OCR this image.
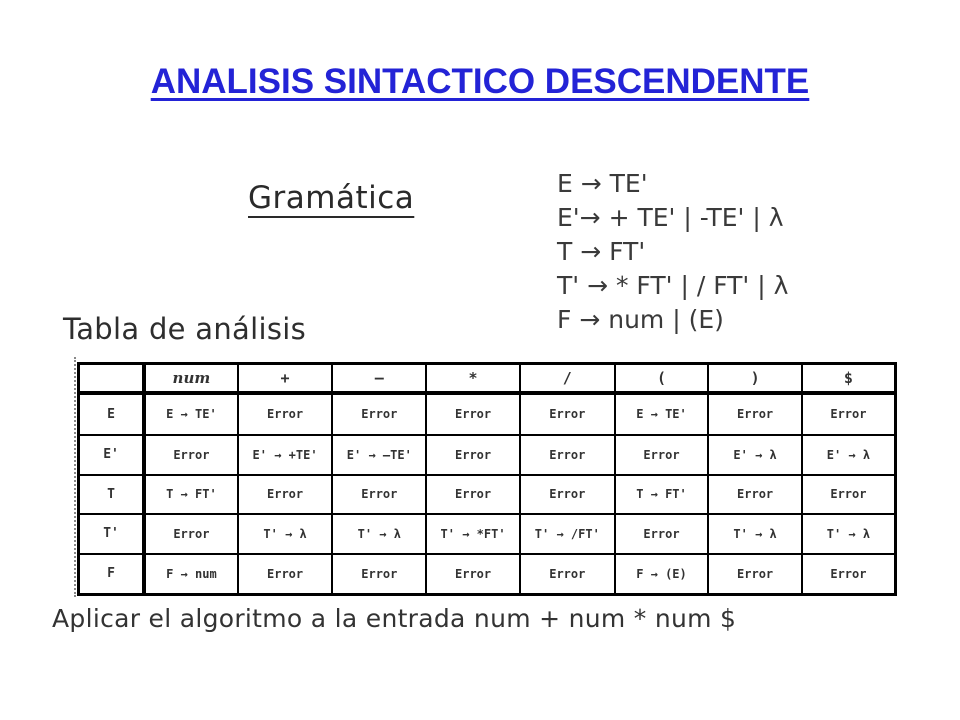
ANALISIS SINTACTICO DESCENDENTE
Gramática	E → TE'
E'→ + TE' | -TE' | λ
T → FT'
T' → * FT' | / FT' | λ
F → num | (E)
Tabla de análisis
	num	+	–	*	/	(	)	$
E	E → TE'	Error	Error	Error	Error	E → TE'	Error	Error
E'	Error	E' → +TE'	E' → –TE'	Error	Error	Error	E' → λ	E' → λ
T	T → FT'	Error	Error	Error	Error	T → FT'	Error	Error
T'	Error	T' → λ	T' → λ	T' → *FT'	T' → /FT'	Error	T' → λ	T' → λ
F	F → num	Error	Error	Error	Error	F → (E)	Error	Error
Aplicar el algoritmo a la entrada num + num * num $
